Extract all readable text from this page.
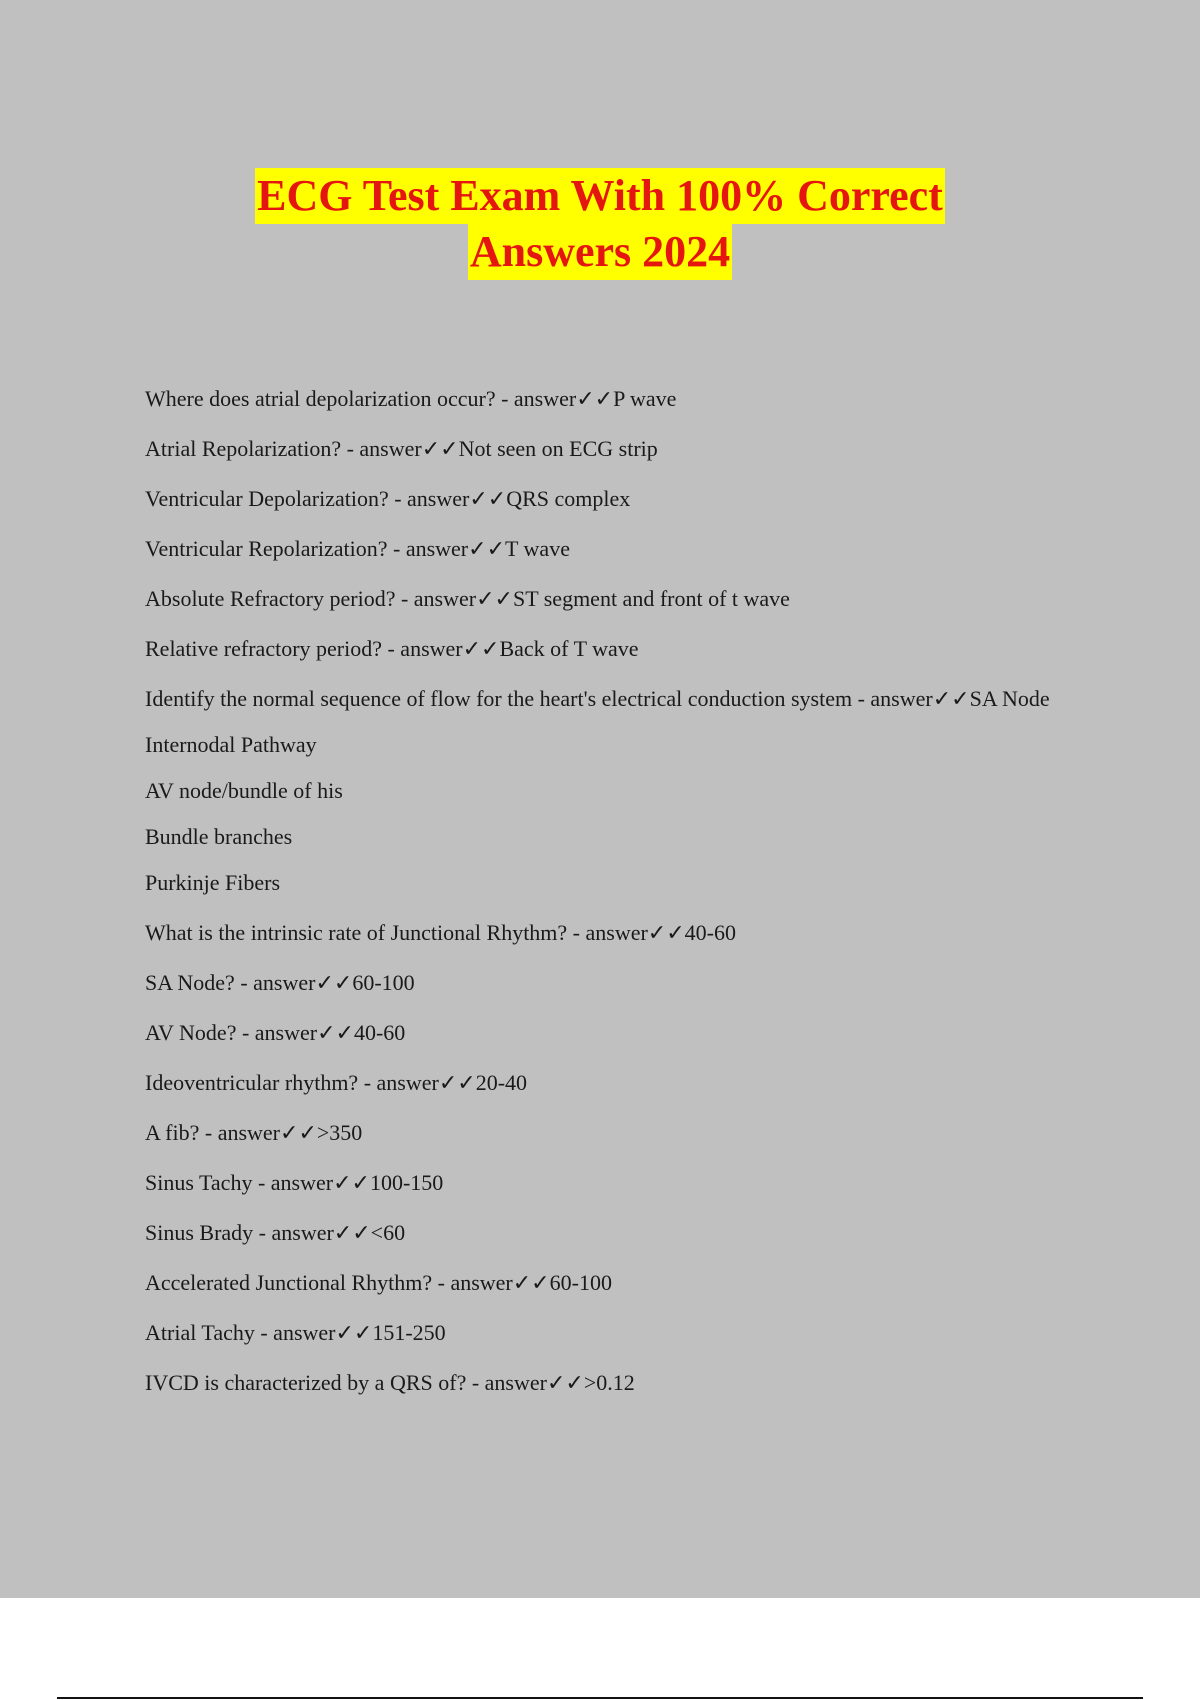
ECG Test Exam With 100% Correct
Answers 2024

Where does atrial depolarization occur? - answer✓✓P wave

Atrial Repolarization? - answer✓✓Not seen on ECG strip

Ventricular Depolarization? - answer✓✓QRS complex

Ventricular Repolarization? - answer✓✓T wave

Absolute Refractory period? - answer✓✓ST segment and front of t wave

Relative refractory period? - answer✓✓Back of T wave

Identify the normal sequence of flow for the heart's electrical conduction system - answer✓✓SA Node

Internodal Pathway

AV node/bundle of his

Bundle branches

Purkinje Fibers

What is the intrinsic rate of Junctional Rhythm? - answer✓✓40-60

SA Node? - answer✓✓60-100

AV Node? - answer✓✓40-60

Ideoventricular rhythm? - answer✓✓20-40

A fib? - answer✓✓>350

Sinus Tachy - answer✓✓100-150

Sinus Brady - answer✓✓<60

Accelerated Junctional Rhythm? - answer✓✓60-100

Atrial Tachy - answer✓✓151-250

IVCD is characterized by a QRS of? - answer✓✓>0.12
